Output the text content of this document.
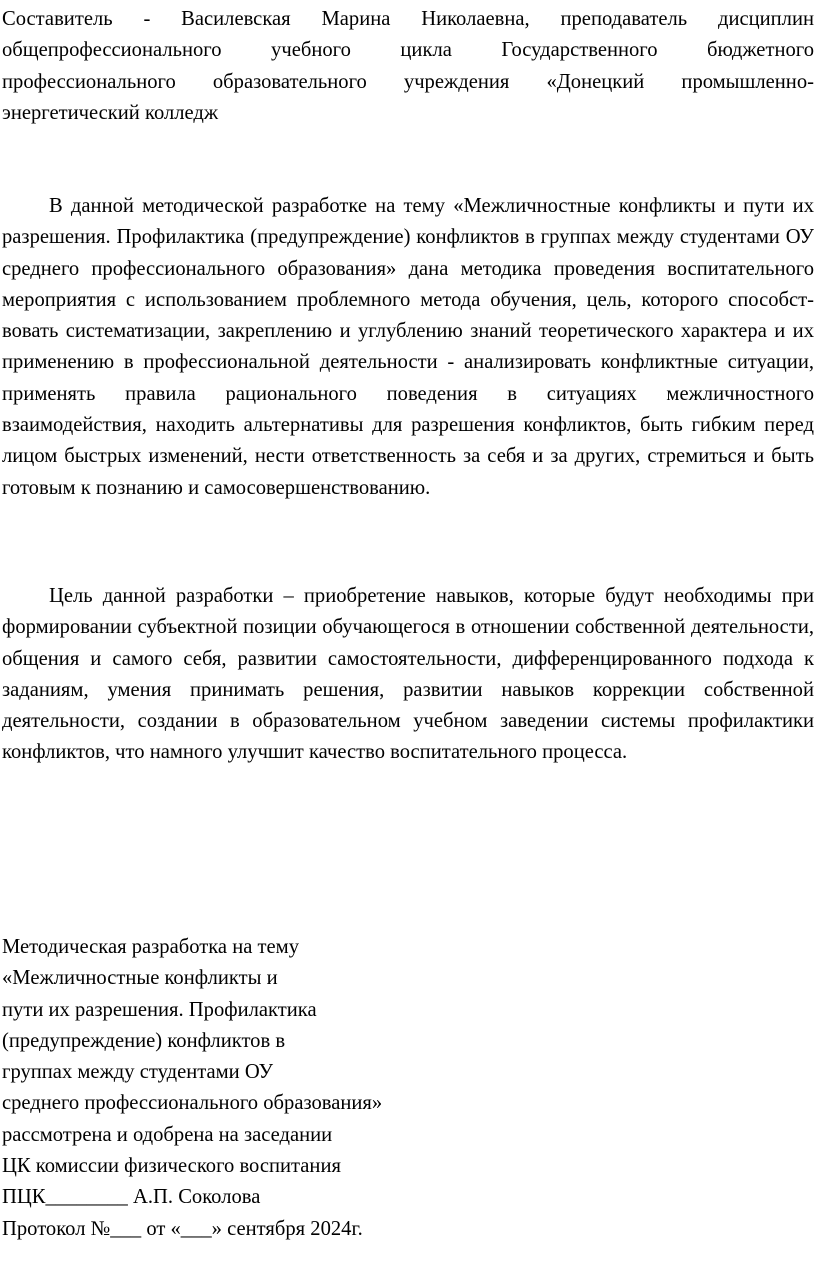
Составитель - Василевская Марина Николаевна, преподаватель дисциплин общепрофессионального учебного цикла Государственного бюджетного профессионального образовательного учреждения «Донецкий промышленно-энергетический колледж

В данной методической разработке на тему «Межличностные конфликты и пути их разрешения. Профилактика (предупреждение) конфликтов в группах между студентами ОУ среднего профессионального образования» дана методика проведения воспитательного мероприятия с использованием проблемного метода обучения, цель, которого способст-вовать систематизации, закреплению и углублению знаний теоретического характера и их применению в профессиональной деятельности - анализировать конфликтные ситуации, применять правила рационального поведения в ситуациях межличностного взаимодействия, находить альтернативы для разрешения конфликтов, быть гибким перед лицом быстрых изменений, нести ответственность за себя и за других, стремиться и быть готовым к познанию и самосовершенствованию.

Цель данной разработки – приобретение навыков, которые будут необходимы при формировании субъектной позиции обучающегося в отношении собственной деятельности, общения и самого себя, развитии самостоятельности, дифференцированного подхода к заданиям, умения принимать решения, развитии навыков коррекции собственной деятельности, создании в образовательном учебном заведении системы профилактики конфликтов, что намного улучшит качество воспитательного процесса.

Методическая разработка на тему
«Межличностные конфликты и
пути их разрешения. Профилактика
(предупреждение) конфликтов в
группах между студентами ОУ
среднего профессионального образования»
рассмотрена и одобрена на заседании
ЦК комиссии физического воспитания
ПЦК________ А.П. Соколова
Протокол №___ от «___» сентября 2024г.
